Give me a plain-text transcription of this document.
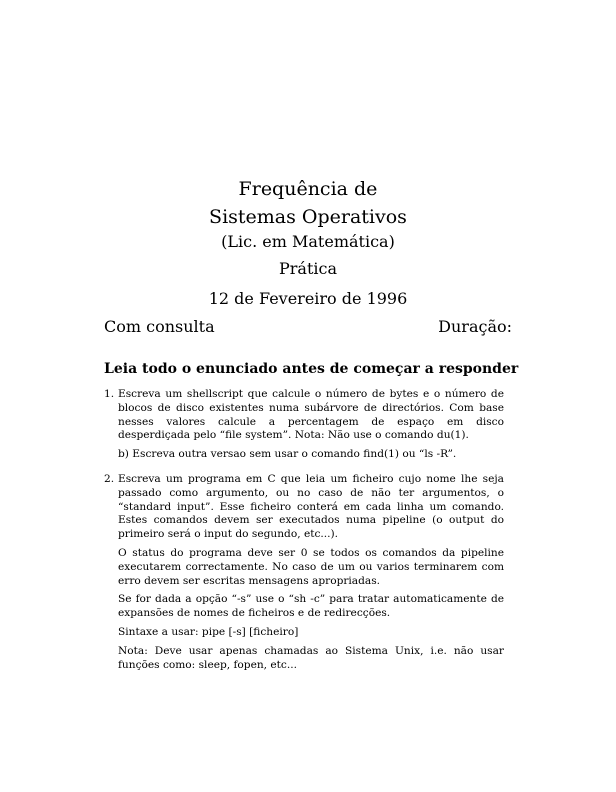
Frequência de
Sistemas Operativos
(Lic. em Matemática)
Prática
12 de Fevereiro de 1996
Com consulta	Duração:
Leia todo o enunciado antes de começar a responder
1. Escreva um shellscript que calcule o número de bytes e o número de blocos de disco existentes numa subárvore de directórios. Com base nesses valores calcule a percentagem de espaço em disco desperdiçada pelo “file system”. Nota: Não use o comando du(1).

b) Escreva outra versao sem usar o comando find(1) ou “ls -R”.

2. Escreva um programa em C que leia um ficheiro cujo nome lhe seja passado como argumento, ou no caso de não ter argumentos, o “standard input”. Esse ficheiro conterá em cada linha um comando. Estes comandos devem ser executados numa pipeline (o output do primeiro será o input do segundo, etc...).

O status do programa deve ser 0 se todos os comandos da pipeline executarem correctamente. No caso de um ou varios terminarem com erro devem ser escritas mensagens apropriadas.

Se for dada a opção “-s” use o “sh -c” para tratar automaticamente de expansões de nomes de ficheiros e de redirecções.

Sintaxe a usar: pipe [-s] [ficheiro]

Nota: Deve usar apenas chamadas ao Sistema Unix, i.e. não usar funções como: sleep, fopen, etc...
